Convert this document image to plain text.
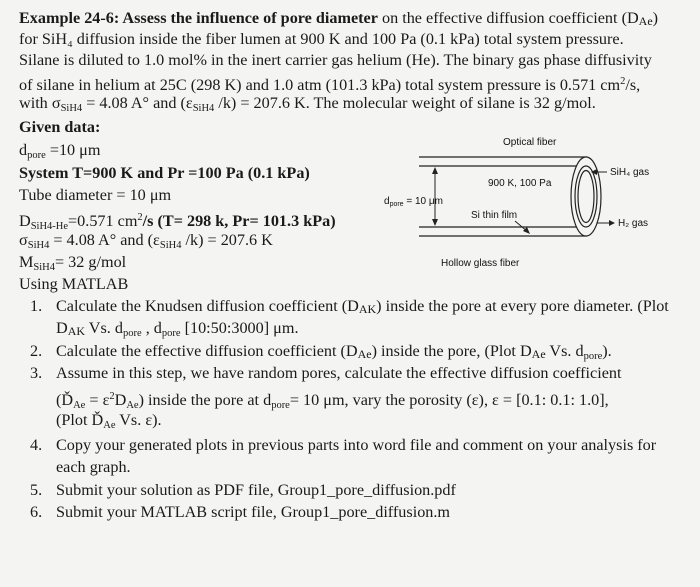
Example 24-6: Assess the influence of pore diameter on the effective diffusion coefficient (DAe)
for SiH₄ diffusion inside the fiber lumen at 900 K and 100 Pa (0.1 kPa) total system pressure.
Silane is diluted to 1.0 mol% in the inert carrier gas helium (He). The binary gas phase diffusivity
of silane in helium at 25C (298 K) and 1.0 atm (101.3 kPa) total system pressure is 0.571 $cm^2/s$,
with $\sigma_{SiH4} = 4.08$ A° and ($\varepsilon_{SiH4}$ /k) = 207.6 K. The molecular weight of silane is 32 g/mol.
Given data:
$d_{pore} =10$ μm
System T=900 K and Pr =100 Pa (0.1 kPa)
Tube diameter = 10 μm
$D_{SiH4-He}=0.571$ $cm^2/s$ (T= 298 k, Pr= 101.3 kPa)
$\sigma_{SiH4} = 4.08$ A° and ($\varepsilon_{SiH4}$ /k) = 207.6 K
$M_{SiH4}= 32$ g/mol
Using MATLAB
Optical fiber
$d_{pore} = 10$ μm
900 K, 100 Pa
Si thin film
SiH₄ gas
H₂ gas
Hollow glass fiber
1. Calculate the Knudsen diffusion coefficient (DAK) inside the pore at every pore diameter. (Plot
DAK Vs. $d_{pore}$ , $d_{pore}$ [10:50:3000] μm.
2. Calculate the effective diffusion coefficient (DAe) inside the pore, (Plot DAe Vs. $d_{pore}$).
3. Assume in this step, we have random pores, calculate the effective diffusion coefficient
$(Ď_{Ae} = \varepsilon^2D_{Ae})$ inside the pore at $d_{pore}= 10$ μm, vary the porosity (ε), ε = [0.1: 0.1: 1.0],
(Plot $Ď_{Ae}$ Vs. ε).
4. Copy your generated plots in previous parts into word file and comment on your analysis for
each graph.
5. Submit your solution as PDF file, Group1_pore_diffusion.pdf
6. Submit your MATLAB script file, Group1_pore_diffusion.m
